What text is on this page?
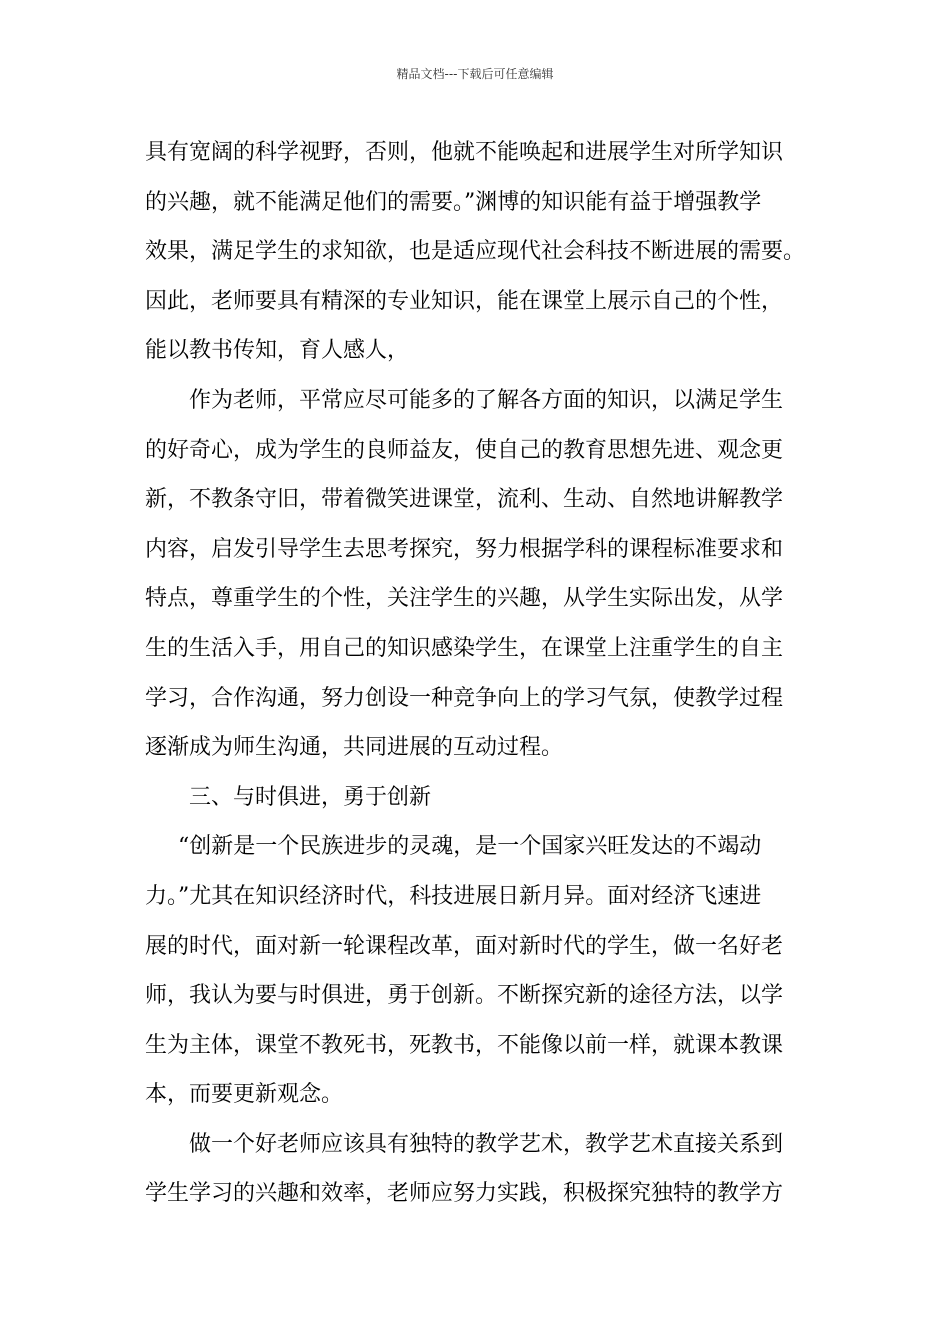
精品文档---下载后可任意编辑
具有宽阔的科学视野，否则，他就不能唤起和进展学生对所学知识
的兴趣，就不能满足他们的需要。”渊博的知识能有益于增强教学
效果，满足学生的求知欲，也是适应现代社会科技不断进展的需要。
因此，老师要具有精深的专业知识，能在课堂上展示自己的个性，
能以教书传知，育人感人，
作为老师，平常应尽可能多的了解各方面的知识，以满足学生
的好奇心，成为学生的良师益友，使自己的教育思想先进、观念更
新，不教条守旧，带着微笑进课堂，流利、生动、自然地讲解教学
内容，启发引导学生去思考探究，努力根据学科的课程标准要求和
特点，尊重学生的个性，关注学生的兴趣，从学生实际出发，从学
生的生活入手，用自己的知识感染学生，在课堂上注重学生的自主
学习，合作沟通，努力创设一种竞争向上的学习气氛，使教学过程
逐渐成为师生沟通，共同进展的互动过程。
三、与时俱进，勇于创新
“创新是一个民族进步的灵魂，是一个国家兴旺发达的不竭动
力。”尤其在知识经济时代，科技进展日新月异。面对经济飞速进
展的时代，面对新一轮课程改革，面对新时代的学生，做一名好老
师，我认为要与时俱进，勇于创新。不断探究新的途径方法，以学
生为主体，课堂不教死书，死教书，不能像以前一样，就课本教课
本，而要更新观念。
做一个好老师应该具有独特的教学艺术，教学艺术直接关系到
学生学习的兴趣和效率，老师应努力实践，积极探究独特的教学方
